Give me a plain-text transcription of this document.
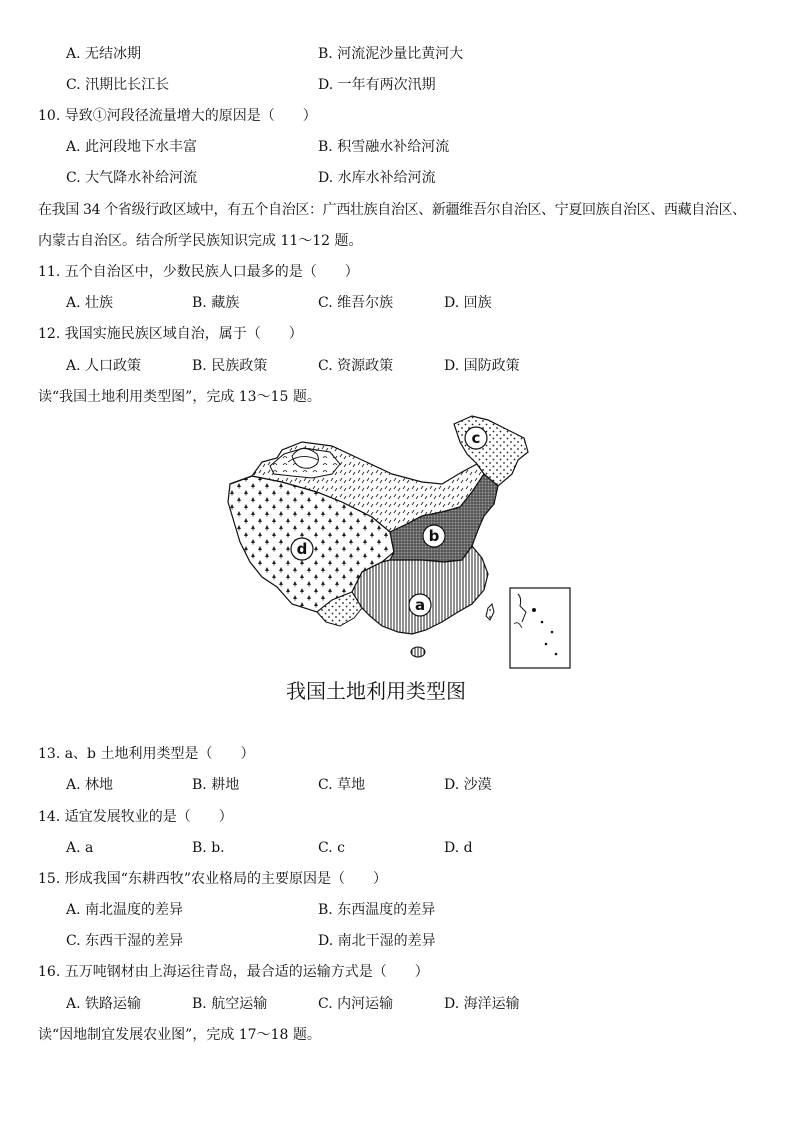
A. 无结冰期	B. 河流泥沙量比黄河大
C. 汛期比长江长	D. 一年有两次汛期
10. 导致①河段径流量增大的原因是（　　）
A. 此河段地下水丰富	B. 积雪融水补给河流
C. 大气降水补给河流	D. 水库水补给河流
在我国 34 个省级行政区域中，有五个自治区：广西壮族自治区、新疆维吾尔自治区、宁夏回族自治区、西藏自治区、
内蒙古自治区。结合所学民族知识完成 11～12 题。
11. 五个自治区中，少数民族人口最多的是（　　）
A. 壮族	B. 藏族	C. 维吾尔族	D. 回族
12. 我国实施民族区域自治，属于（　　）
A. 人口政策	B. 民族政策	C. 资源政策	D. 国防政策
读“我国土地利用类型图”，完成 13～15 题。
c
b
d
a
我国土地利用类型图
13. a、b 土地利用类型是（　　）
A. 林地	B. 耕地	C. 草地	D. 沙漠
14. 适宜发展牧业的是（　　）
A. a	B. b.	C. c	D. d
15. 形成我国“东耕西牧”农业格局的主要原因是（　　）
A. 南北温度的差异	B. 东西温度的差异
C. 东西干湿的差异	D. 南北干湿的差异
16. 五万吨钢材由上海运往青岛，最合适的运输方式是（　　）
A. 铁路运输	B. 航空运输	C. 内河运输	D. 海洋运输
读“因地制宜发展农业图”，完成 17～18 题。
